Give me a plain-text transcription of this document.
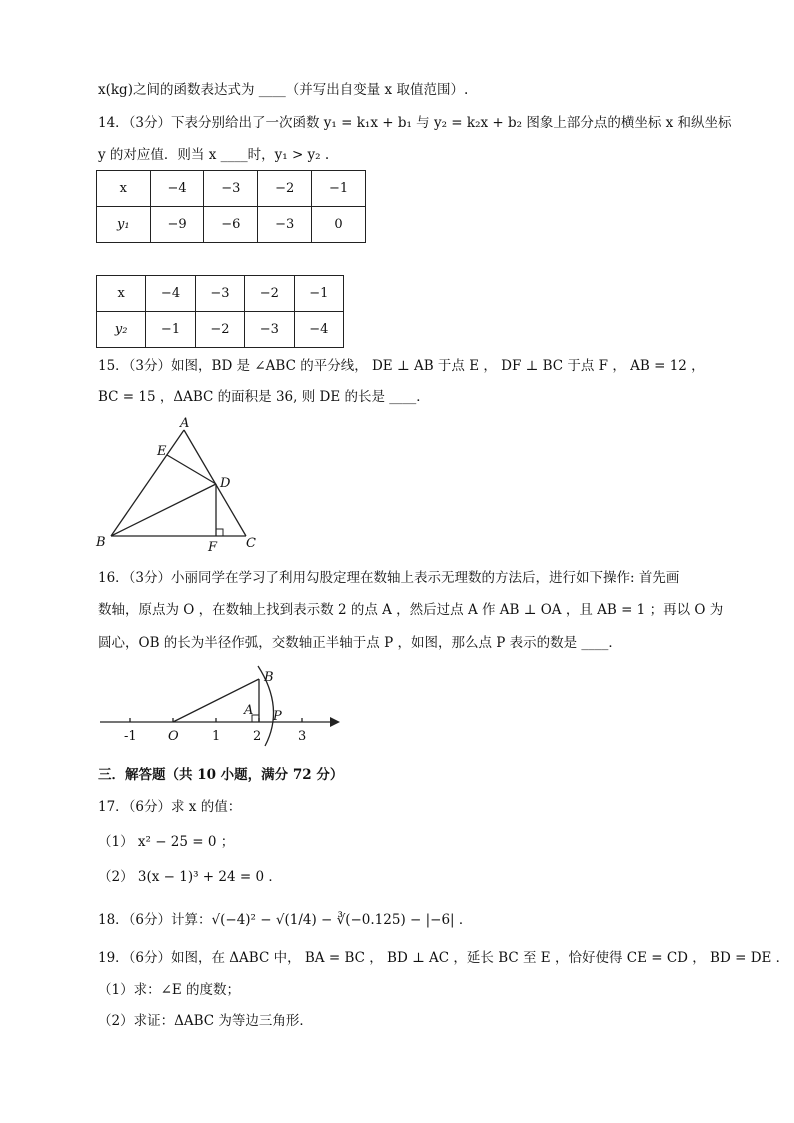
x(kg)之间的函数表达式为 ____（并写出自变量 x 取值范围）.
14．（3分）下表分别给出了一次函数 y₁ = k₁x + b₁ 与 y₂ = k₂x + b₂ 图象上部分点的横坐标 x 和纵坐标
y 的对应值．则当 x ____时，y₁ > y₂ .
x	−4	−3	−2	−1
y₁	−9	−6	−3	0
x	−4	−3	−2	−1
y₂	−1	−2	−3	−4
15．（3分）如图，BD 是 ∠ABC 的平分线， DE ⊥ AB 于点 E ， DF ⊥ BC 于点 F ， AB = 12 ，
BC = 15 ，ΔABC 的面积是 36, 则 DE 的长是 ____．
A
E
D
B	F C
16．（3分）小丽同学在学习了利用勾股定理在数轴上表示无理数的方法后，进行如下操作: 首先画
数轴，原点为 O ，在数轴上找到表示数 2 的点 A ，然后过点 A 作 AB ⊥ OA ，且 AB = 1 ；再以 O 为
圆心，OB 的长为半径作弧，交数轴正半轴于点 P ，如图，那么点 P 表示的数是 ____．
B
A P
-1 O	1	2	3
三．解答题（共 10 小题，满分 72 分）
17．（6分）求 x 的值：
（1） x² − 25 = 0 ；
（2） 3(x − 1)³ + 24 = 0 ．
18．（6分）计算：√(−4)² − √(1/4) − ∛(−0.125) − |−6| ．
19．（6分）如图，在 ΔABC 中， BA = BC ， BD ⊥ AC ，延长 BC 至 E ，恰好使得 CE = CD ， BD = DE ．
（1）求：∠E 的度数；
（2）求证：ΔABC 为等边三角形．
